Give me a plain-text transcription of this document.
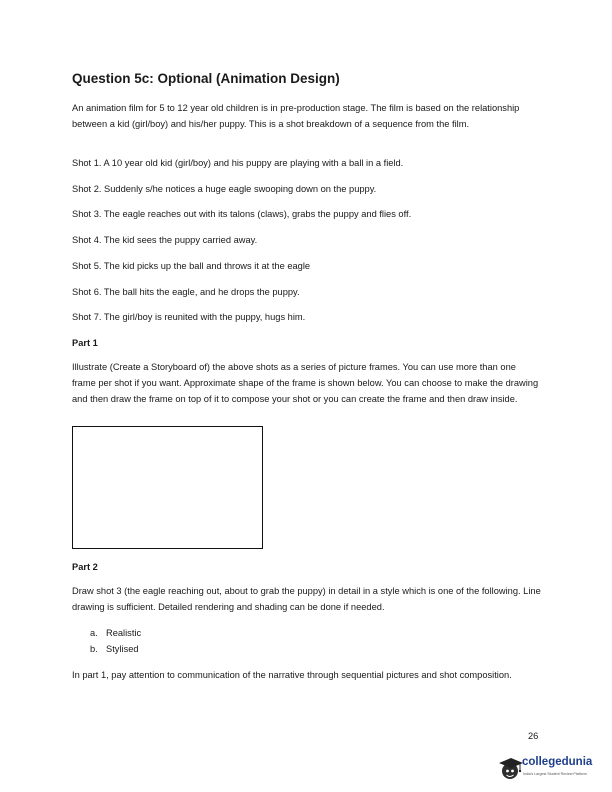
Question 5c: Optional (Animation Design)
An animation film for 5 to 12 year old children is in pre-production stage. The film is based on the relationship between a kid (girl/boy) and his/her puppy. This is a shot breakdown of a sequence from the film.
Shot 1. A 10 year old kid (girl/boy) and his puppy are playing with a ball in a field.
Shot 2. Suddenly s/he notices a huge eagle swooping down on the puppy.
Shot 3. The eagle reaches out with its talons (claws), grabs the puppy and flies off.
Shot 4. The kid sees the puppy carried away.
Shot 5. The kid picks up the ball and throws it at the eagle
Shot 6. The ball hits the eagle, and he drops the puppy.
Shot 7. The girl/boy is reunited with the puppy, hugs him.
Part 1
Illustrate (Create a Storyboard of) the above shots as a series of picture frames. You can use more than one frame per shot if you want. Approximate shape of the frame is shown below. You can choose to make the drawing and then draw the frame on top of it to compose your shot or you can create the frame and then draw inside.
Part 2
Draw shot 3 (the eagle reaching out, about to grab the puppy) in detail in a style which is one of the following. Line drawing is sufficient. Detailed rendering and shading can be done if needed.
a. Realistic
b. Stylised
In part 1, pay attention to communication of the narrative through sequential pictures and shot composition.
26
collegedunia
India's Largest Student Review Platform
